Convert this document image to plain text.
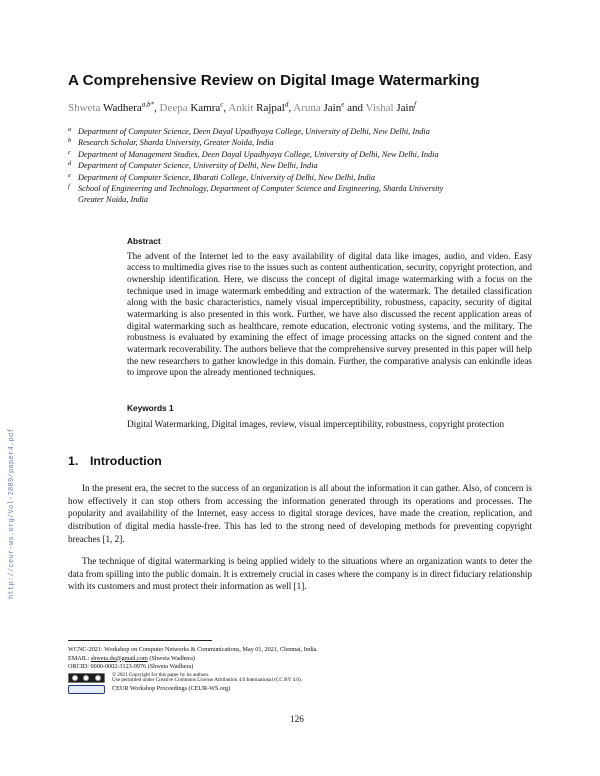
A Comprehensive Review on Digital Image Watermarking
Shweta Wadhera$^{a,b*}$, Deepa Kamra$^c$, Ankit Rajpal$^d$, Aruna Jain$^e$ and Vishal Jain$^f$
a Department of Computer Science, Deen Dayal Upadhyaya College, University of Delhi, New Delhi, India
b Research Scholar, Sharda University, Greater Noida, India
c Department of Management Studies, Deen Dayal Upadhyaya College, University of Delhi, New Delhi, India
d Department of Computer Science, University of Delhi, New Delhi, India
e Department of Computer Science, Bharati College, University of Delhi, New Delhi, India
f School of Engineering and Technology, Department of Computer Science and Engineering, Sharda University
Greater Noida, India
Abstract
The advent of the Internet led to the easy availability of digital data like images, audio, and video. Easy access to multimedia gives rise to the issues such as content authentication, security, copyright protection, and ownership identification. Here, we discuss the concept of digital image watermarking with a focus on the technique used in image watermark embedding and extraction of the watermark. The detailed classification along with the basic characteristics, namely visual imperceptibility, robustness, capacity, security of digital watermarking is also presented in this work. Further, we have also discussed the recent application areas of digital watermarking such as healthcare, remote education, electronic voting systems, and the military. The robustness is evaluated by examining the effect of image processing attacks on the signed content and the watermark recoverability. The authors believe that the comprehensive survey presented in this paper will help the new researchers to gather knowledge in this domain. Further, the comparative analysis can enkindle ideas to improve upon the already mentioned techniques.
Keywords 1
Digital Watermarking, Digital images, review, visual imperceptibility, robustness, copyright protection
1. Introduction
In the present era, the secret to the success of an organization is all about the information it can gather. Also, of concern is how effectively it can stop others from accessing the information generated through its operations and processes. The popularity and availability of the Internet, easy access to digital storage devices, have made the creation, replication, and distribution of digital media hassle-free. This has led to the strong need of developing methods for preventing copyright breaches [1, 2].
The technique of digital watermarking is being applied widely to the situations where an organization wants to deter the data from spilling into the public domain. It is extremely crucial in cases where the company is in direct fiduciary relationship with its customers and must protect their information as well [1].
WCNC-2021: Workshop on Computer Networks & Communications, May 01, 2021, Chennai, India.
EMAIL: shweta.du@gmail.com (Shweta Wadhera)
ORCID: 0000-0002-3123-9976 (Shweta Wadhera)
© 2021 Copyright for this paper by its authors.
Use permitted under Creative Commons License Attribution 4.0 International (CC BY 4.0).
CEUR Workshop Proceedings (CEUR-WS.org)
126
http://ceur-ws.org/Vol-2889/paper4.pdf
